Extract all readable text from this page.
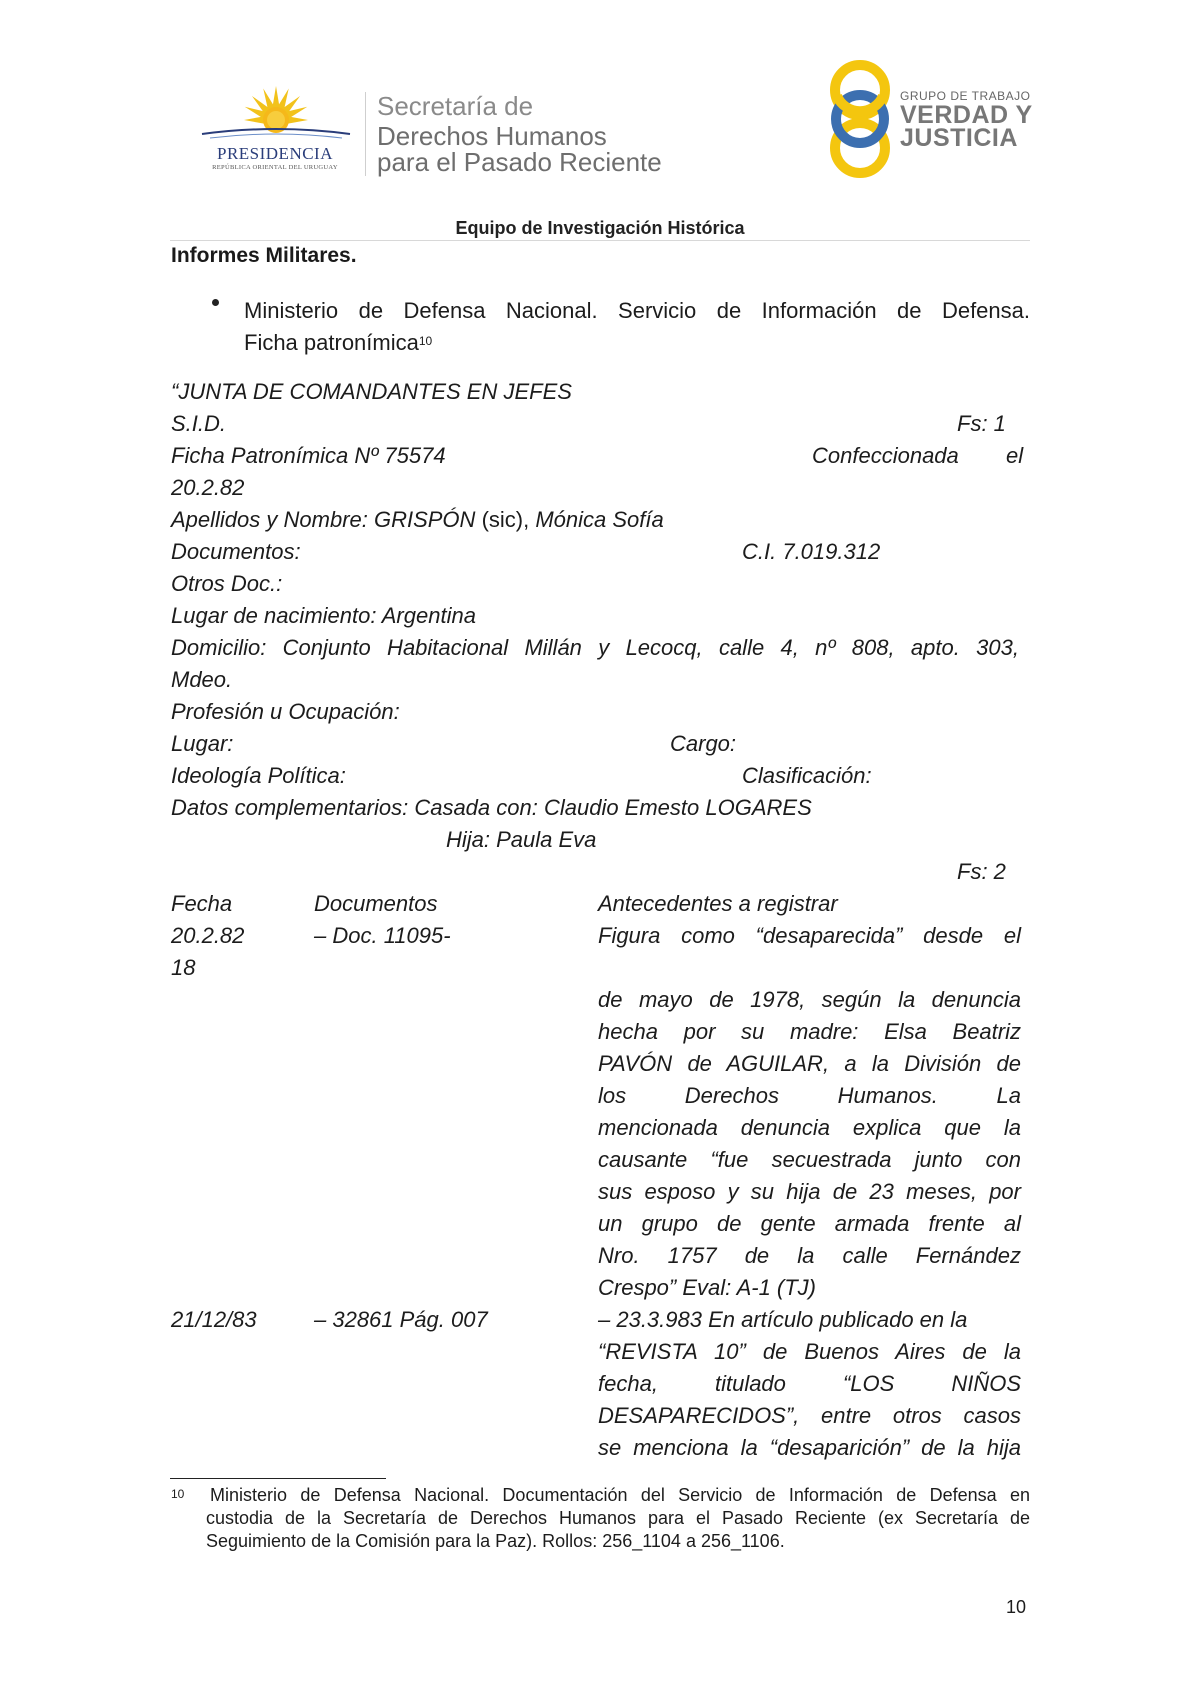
PRESIDENCIA
REPÚBLICA ORIENTAL DEL URUGUAY
Secretaría de
Derechos Humanos
para el Pasado Reciente
GRUPO DE TRABAJO
VERDAD Y
JUSTICIA
Equipo de Investigación Histórica
Informes Militares.
Ministerio de Defensa Nacional. Servicio de Información de Defensa.
Ficha patronímica$^{10}$
“JUNTA DE COMANDANTES EN JEFES
S.I.D.	Fs: 1
Ficha Patronímica Nº 75574	Confeccionada el
20.2.82
Apellidos y Nombre: GRISPÓN (sic), Mónica Sofía
Documentos:	C.I. 7.019.312
Otros Doc.:
Lugar de nacimiento: Argentina
Domicilio: Conjunto Habitacional Millán y Lecocq, calle 4, nº 808, apto. 303,
Mdeo.
Profesión u Ocupación:
Lugar:	Cargo:
Ideología Política:	Clasificación:
Datos complementarios: Casada con: Claudio Emesto LOGARES
Hija: Paula Eva
Fs: 2
Fecha	Documentos	Antecedentes a registrar
20.2.82	– Doc. 11095-
18
Figura como “desaparecida” desde el
de mayo de 1978, según la denuncia
hecha por su madre: Elsa Beatriz
PAVÓN de AGUILAR, a la División de
los Derechos Humanos. La
mencionada denuncia explica que la
causante “fue secuestrada junto con
sus esposo y su hija de 23 meses, por
un grupo de gente armada frente al
Nro. 1757 de la calle Fernández
Crespo” Eval: A-1 (TJ)
21/12/83	– 32861 Pág. 007	– 23.3.983 En artículo publicado en la
“REVISTA 10” de Buenos Aires de la
fecha, titulado “LOS NIÑOS
DESAPARECIDOS”, entre otros casos
se menciona la “desaparición” de la hija
10 Ministerio de Defensa Nacional. Documentación del Servicio de Información de Defensa en
custodia de la Secretaría de Derechos Humanos para el Pasado Reciente (ex Secretaría de
Seguimiento de la Comisión para la Paz). Rollos: 256_1104 a 256_1106.
10
